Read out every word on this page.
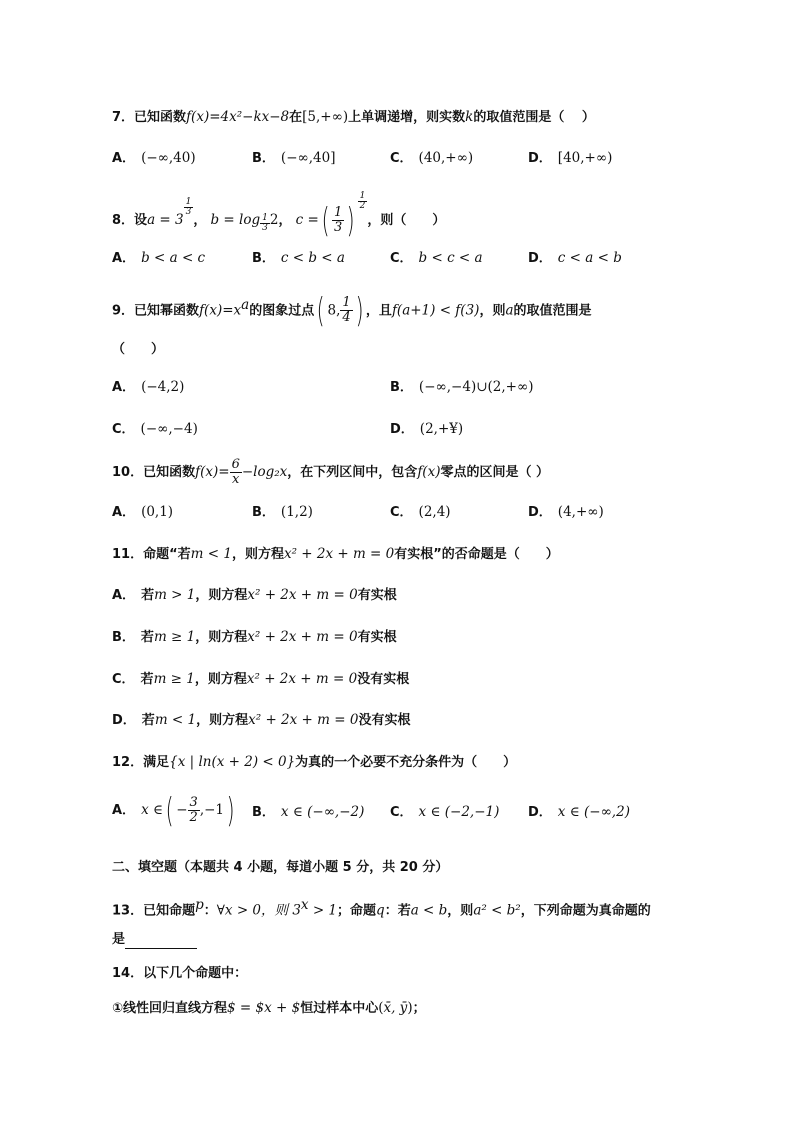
7．已知函数f(x)=4x²−kx−8在[5,+∞)上单调递增，则实数k的取值范围是（　 ）
A． (−∞,40)	B． (−∞,40]	C． (40,+∞)	D． [40,+∞)
8．设a = 3
$\frac{1}{3}$
， $b = \log \frac{1}{3} 2$， c =( $\frac{1}{3}$ ) $\frac{1}{2}$
，则（　　）
A． b < a < c	B． c < b < a	C． b < c < a	D． c < a < b
9．已知幂函数$f(x)=x^a$的图象过点( 8, $\frac{1}{4}$ ) ，且f(a+1) < f(3)，则a的取值范围是
（　　）
A． (−4,2)	B． (−∞,−4)∪(2,+∞)
C． (−∞,−4)	D． (2,+¥)
10．已知函数$f(x)= \frac{6}{x} -\log_2x$，在下列区间中，包含f(x)零点的区间是（ ）
A． (0,1)	B． (1,2)	C． (2,4)	D． (4,+∞)
11．命题“若m < 1，则方程x² + 2x + m = 0有实根”的否命题是（　　）
A． 若m > 1，则方程x² + 2x + m = 0有实根
B． 若m ≥ 1，则方程x² + 2x + m = 0有实根
C． 若m ≥ 1，则方程x² + 2x + m = 0没有实根
D． 若m < 1，则方程x² + 2x + m = 0没有实根
12．满足{x | ln(x + 2) < 0}为真的一个必要不充分条件为（　　）
A． x ∈( − $\frac{3}{2} ,-1$) B． x ∈ (−∞,−2) C． x ∈ (−2,−1) D． x ∈ (−∞,2)
二、填空题（本题共 4 小题，每道小题 5 分，共 20 分）
13．已知命题$^p$：∀x > 0，则 $3^x > 1$；命题q：若a < b，则a² < b²，下列命题为真命题的
是
14．以下几个命题中：
①线性回归直线方程$ = $x + $恒过样本中心(x̄, ȳ)；
